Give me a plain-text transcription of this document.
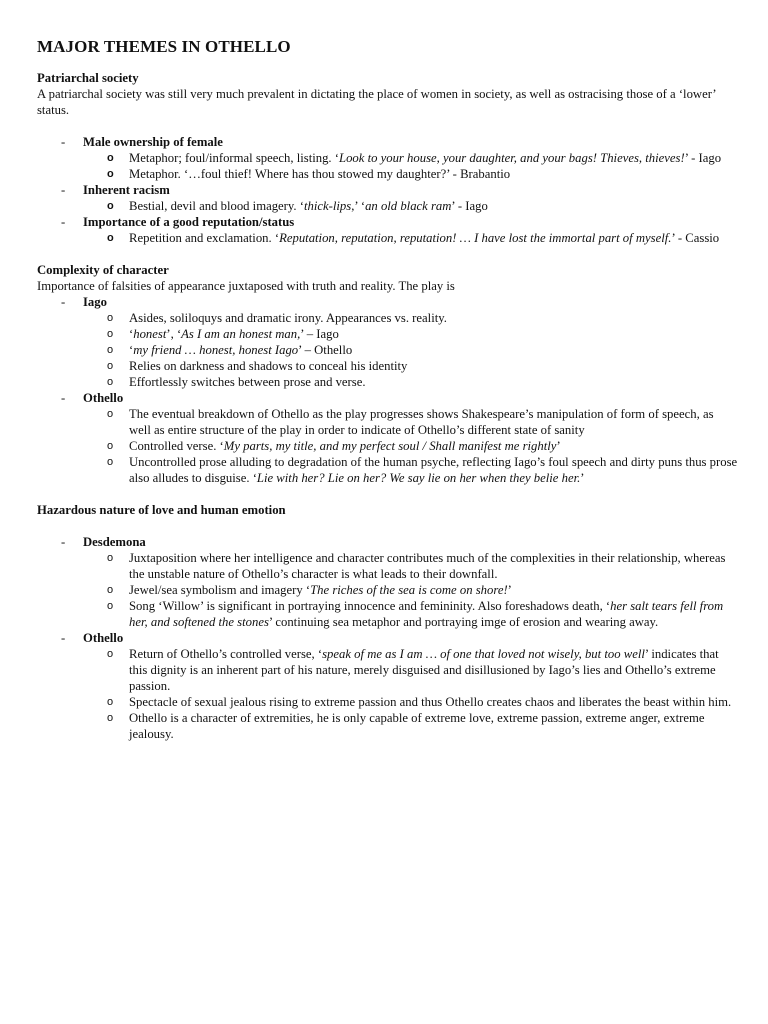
MAJOR THEMES IN OTHELLO
Patriarchal society

A patriarchal society was still very much prevalent in dictating the place of women in society, as well as ostracising those of a ‘lower’ status.

- Male ownership of female
o Metaphor; foul/informal speech, listing. ‘Look to your house, your daughter, and your bags! Thieves, thieves!’ - Iago
o Metaphor. ‘…foul thief! Where has thou stowed my daughter?’ - Brabantio
- Inherent racism
o Bestial, devil and blood imagery. ‘thick-lips,’ ‘an old black ram’ - Iago
- Importance of a good reputation/status
o Repetition and exclamation. ‘Reputation, reputation, reputation! … I have lost the immortal part of myself.’ - Cassio
Complexity of character

Importance of falsities of appearance juxtaposed with truth and reality. The play is

- Iago
o Asides, soliloquys and dramatic irony. Appearances vs. reality.
o ‘honest’, ‘As I am an honest man,’ – Iago
o ‘my friend … honest, honest Iago’ – Othello
o Relies on darkness and shadows to conceal his identity
o Effortlessly switches between prose and verse.
- Othello
o The eventual breakdown of Othello as the play progresses shows Shakespeare’s manipulation of form of speech, as well as entire structure of the play in order to indicate of Othello’s different state of sanity
o Controlled verse. ‘My parts, my title, and my perfect soul / Shall manifest me rightly’
o Uncontrolled prose alluding to degradation of the human psyche, reflecting Iago’s foul speech and dirty puns thus prose also alludes to disguise. ‘Lie with her? Lie on her? We say lie on her when they belie her.’
Hazardous nature of love and human emotion
- Desdemona
o Juxtaposition where her intelligence and character contributes much of the complexities in their relationship, whereas the unstable nature of Othello’s character is what leads to their downfall.
o Jewel/sea symbolism and imagery ‘The riches of the sea is come on shore!’
o Song ‘Willow’ is significant in portraying innocence and femininity. Also foreshadows death, ‘her salt tears fell from her, and softened the stones’ continuing sea metaphor and portraying imge of erosion and wearing away.
- Othello
o Return of Othello’s controlled verse, ‘speak of me as I am … of one that loved not wisely, but too well’ indicates that this dignity is an inherent part of his nature, merely disguised and disillusioned by Iago’s lies and Othello’s extreme passion.
o Spectacle of sexual jealous rising to extreme passion and thus Othello creates chaos and liberates the beast within him.
o Othello is a character of extremities, he is only capable of extreme love, extreme passion, extreme anger, extreme jealousy.
